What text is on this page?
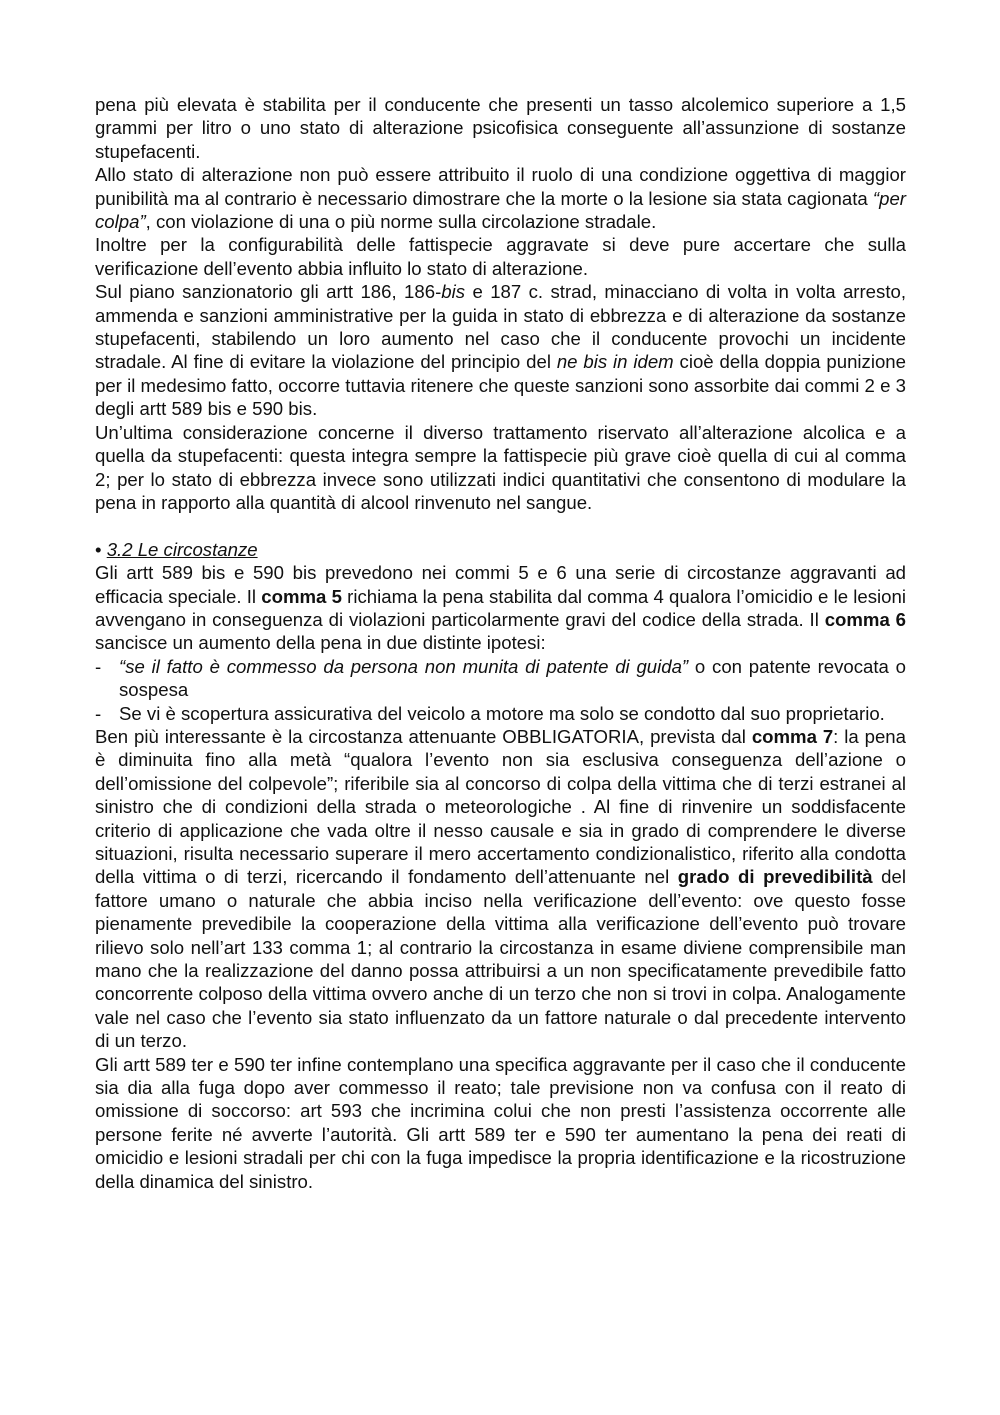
pena più elevata è stabilita per il conducente che presenti un tasso alcolemico superiore a 1,5 grammi per litro o uno stato di alterazione psicofisica conseguente all’assunzione di sostanze stupefacenti.

Allo stato di alterazione non può essere attribuito il ruolo di una condizione oggettiva di maggior punibilità ma al contrario è necessario dimostrare che la morte o la lesione sia stata cagionata “per colpa”, con violazione di una o più norme sulla circolazione stradale.

Inoltre per la configurabilità delle fattispecie aggravate si deve pure accertare che sulla verificazione dell’evento abbia influito lo stato di alterazione.

Sul piano sanzionatorio gli artt 186, 186-bis e 187 c. strad, minacciano di volta in volta arresto, ammenda e sanzioni amministrative per la guida in stato di ebbrezza e di alterazione da sostanze stupefacenti, stabilendo un loro aumento nel caso che il conducente provochi un incidente stradale. Al fine di evitare la violazione del principio del ne bis in idem cioè della doppia punizione per il medesimo fatto, occorre tuttavia ritenere che queste sanzioni sono assorbite dai commi 2 e 3 degli artt 589 bis e 590 bis.

Un’ultima considerazione concerne il diverso trattamento riservato all’alterazione alcolica e a quella da stupefacenti: questa integra sempre la fattispecie più grave cioè quella di cui al comma 2; per lo stato di ebbrezza invece sono utilizzati indici quantitativi che consentono di modulare la pena in rapporto alla quantità di alcool rinvenuto nel sangue.

• 3.2 Le circostanze

Gli artt 589 bis e 590 bis prevedono nei commi 5 e 6 una serie di circostanze aggravanti ad efficacia speciale. Il comma 5 richiama la pena stabilita dal comma 4 qualora l’omicidio e le lesioni avvengano in conseguenza di violazioni particolarmente gravi del codice della strada. Il comma 6 sancisce un aumento della pena in due distinte ipotesi:

- “se il fatto è commesso da persona non munita di patente di guida” o con patente revocata o sospesa
- Se vi è scopertura assicurativa del veicolo a motore ma solo se condotto dal suo proprietario.

Ben più interessante è la circostanza attenuante OBBLIGATORIA, prevista dal comma 7: la pena è diminuita fino alla metà “qualora l’evento non sia esclusiva conseguenza dell’azione o dell’omissione del colpevole”; riferibile sia al concorso di colpa della vittima che di terzi estranei al sinistro che di condizioni della strada o meteorologiche . Al fine di rinvenire un soddisfacente criterio di applicazione che vada oltre il nesso causale e sia in grado di comprendere le diverse situazioni, risulta necessario superare il mero accertamento condizionalistico, riferito alla condotta della vittima o di terzi, ricercando il fondamento dell’attenuante nel grado di prevedibilità del fattore umano o naturale che abbia inciso nella verificazione dell’evento: ove questo fosse pienamente prevedibile la cooperazione della vittima alla verificazione dell’evento può trovare rilievo solo nell’art 133 comma 1; al contrario la circostanza in esame diviene comprensibile man mano che la realizzazione del danno possa attribuirsi a un non specificatamente prevedibile fatto concorrente colposo della vittima ovvero anche di un terzo che non si trovi in colpa. Analogamente vale nel caso che l’evento sia stato influenzato da un fattore naturale o dal precedente intervento di un terzo.

Gli artt 589 ter e 590 ter infine contemplano una specifica aggravante per il caso che il conducente sia dia alla fuga dopo aver commesso il reato; tale previsione non va confusa con il reato di omissione di soccorso: art 593 che incrimina colui che non presti l’assistenza occorrente alle persone ferite né avverte l’autorità. Gli artt 589 ter e 590 ter aumentano la pena dei reati di omicidio e lesioni stradali per chi con la fuga impedisce la propria identificazione e la ricostruzione della dinamica del sinistro.
